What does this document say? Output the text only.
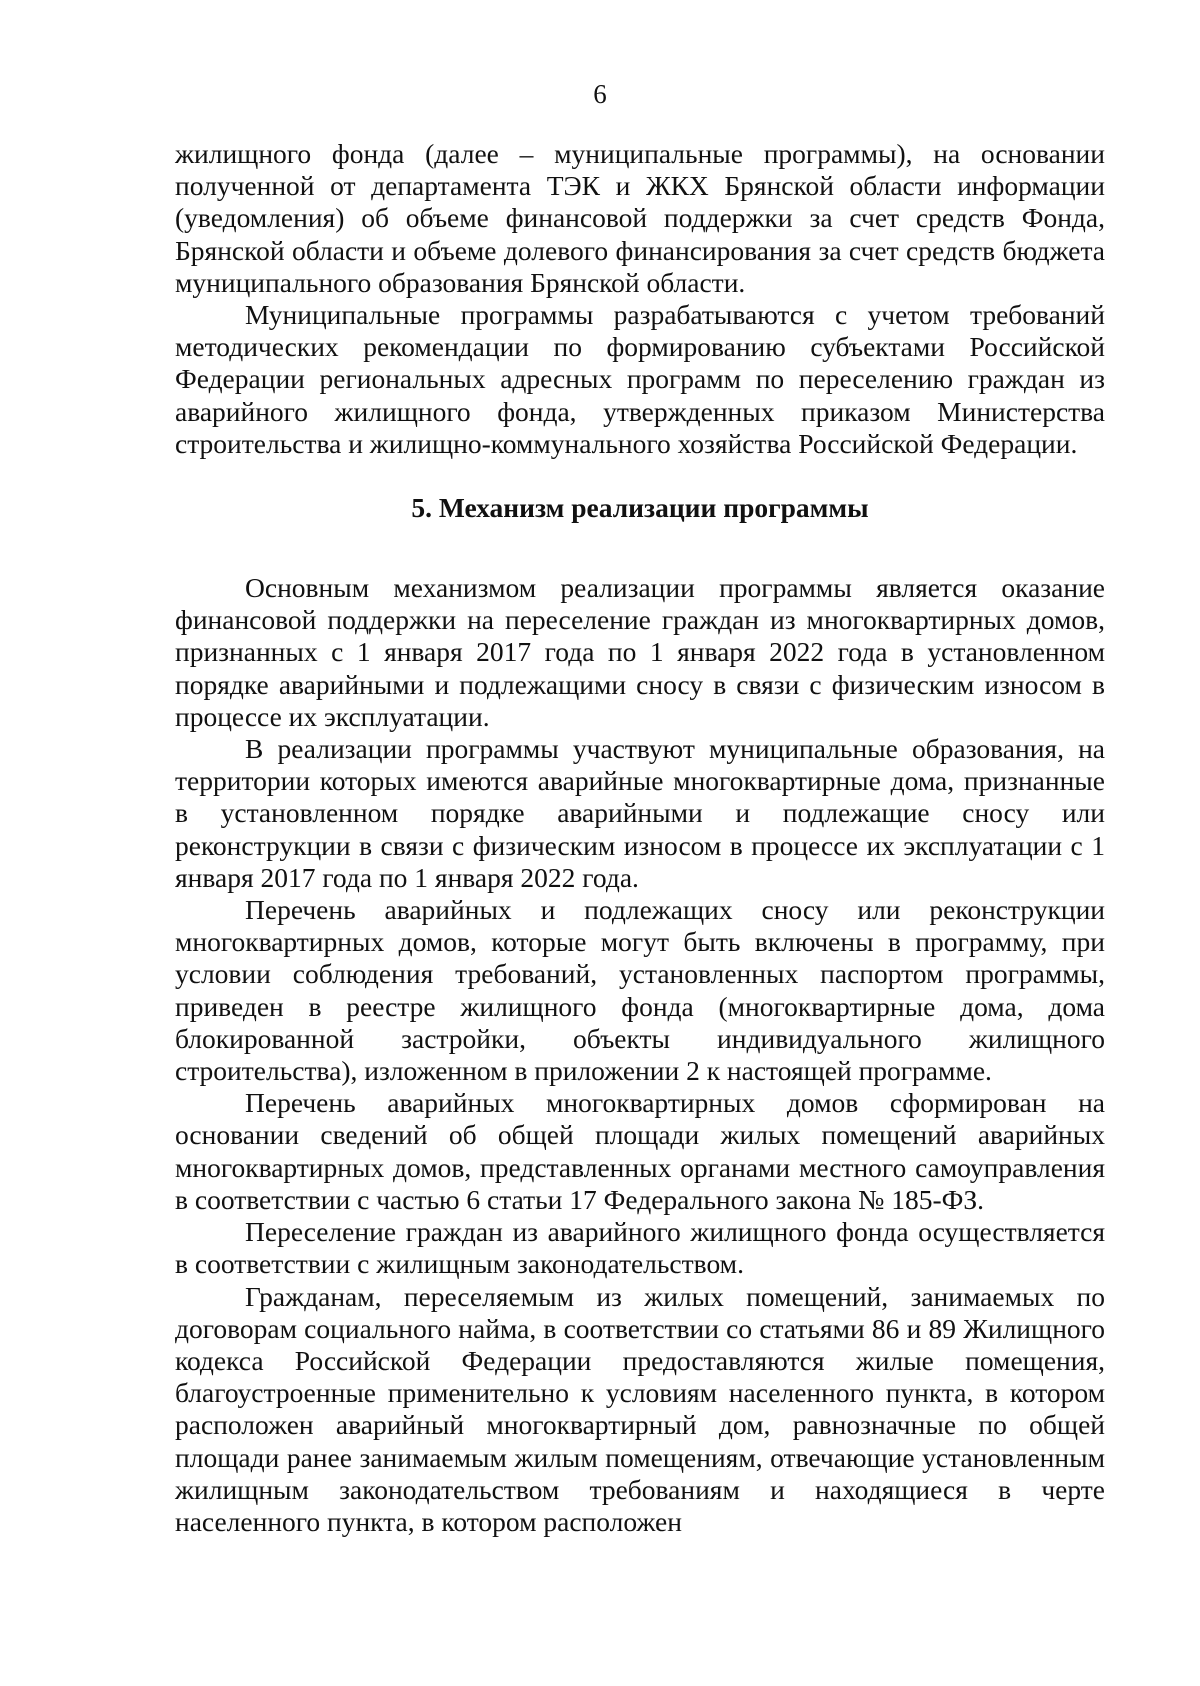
6

жилищного фонда (далее – муниципальные программы), на основании полученной от департамента ТЭК и ЖКХ Брянской области информации (уведомления) об объеме финансовой поддержки за счет средств Фонда, Брянской области и объеме долевого финансирования за счет средств бюджета муниципального образования Брянской области.

Муниципальные программы разрабатываются с учетом требований методических рекомендации по формированию субъектами Российской Федерации региональных адресных программ по переселению граждан из аварийного жилищного фонда, утвержденных приказом Министерства строительства и жилищно-коммунального хозяйства Российской Федерации.

5. Механизм реализации программы

Основным механизмом реализации программы является оказание финансовой поддержки на переселение граждан из многоквартирных домов, признанных с 1 января 2017 года по 1 января 2022 года в установленном порядке аварийными и подлежащими сносу в связи с физическим износом в процессе их эксплуатации.

В реализации программы участвуют муниципальные образования, на территории которых имеются аварийные многоквартирные дома, признанные в установленном порядке аварийными и подлежащие сносу или реконструкции в связи с физическим износом в процессе их эксплуатации с 1 января 2017 года по 1 января 2022 года.

Перечень аварийных и подлежащих сносу или реконструкции многоквартирных домов, которые могут быть включены в программу, при условии соблюдения требований, установленных паспортом программы, приведен в реестре жилищного фонда (многоквартирные дома, дома блокированной застройки, объекты индивидуального жилищного строительства), изложенном в приложении 2 к настоящей программе.

Перечень аварийных многоквартирных домов сформирован на основании сведений об общей площади жилых помещений аварийных многоквартирных домов, представленных органами местного самоуправления в соответствии с частью 6 статьи 17 Федерального закона № 185-ФЗ.

Переселение граждан из аварийного жилищного фонда осуществляется в соответствии с жилищным законодательством.

Гражданам, переселяемым из жилых помещений, занимаемых по договорам социального найма, в соответствии со статьями 86 и 89 Жилищного кодекса Российской Федерации предоставляются жилые помещения, благоустроенные применительно к условиям населенного пункта, в котором расположен аварийный многоквартирный дом, равнозначные по общей площади ранее занимаемым жилым помещениям, отвечающие установленным жилищным законодательством требованиям и находящиеся в черте населенного пункта, в котором расположен
